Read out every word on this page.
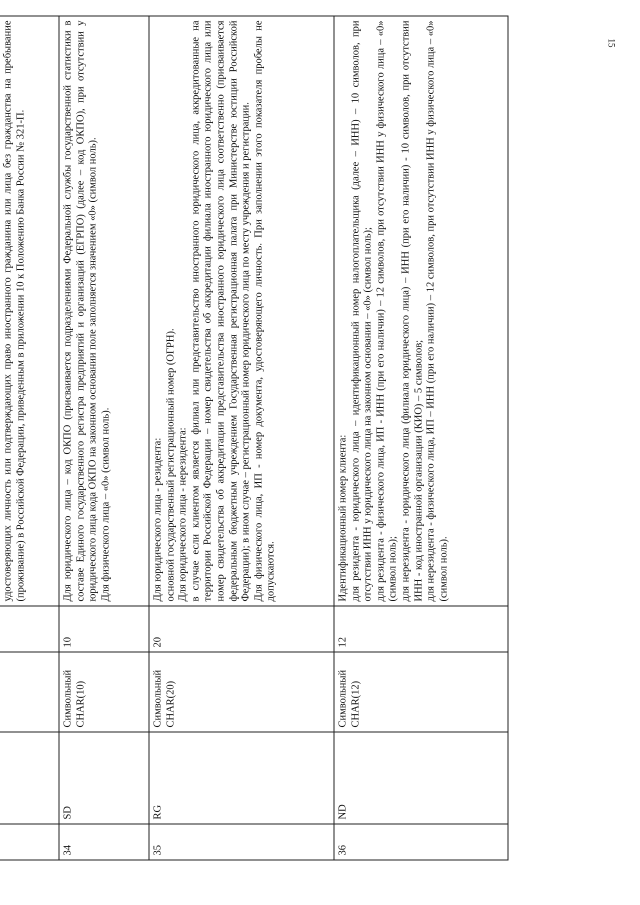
15

				удостоверяющих личность или подтверждающих право иностранного гражданина или лица без гражданства на пребывание (проживание) в Российской Федерации, приведенным в приложении 10 к Положению Банка России № 321-П.

34	SD	Символьный CHAR(10)	10	Для юридического лица – код ОКПО (присваивается подразделениями Федеральной службы государственной статистики в составе Единого государственного регистра предприятий и организаций (ЕГРПО) (далее – код ОКПО), при отсутствии у юридического лица кода ОКПО на законном основании поле заполняется значением «0» (символ ноль). Для физического лица – «0» (символ ноль).

35	RG	Символьный CHAR(20)	20	Для юридического лица - резидента: основной государственный регистрационный номер (ОГРН). Для юридического лица - нерезидента: в случае если клиентом является филиал или представительство иностранного юридического лица, аккредитованные на территории Российской Федерации – номер свидетельства об аккредитации филиала иностранного юридического лица или номер свидетельства об аккредитации представительства иностранного юридического лица соответственно (присваивается федеральным бюджетным учреждением Государственная регистрационная палата при Министерстве юстиции Российской Федерации); в ином случае – регистрационный номер юридического лица по месту учреждения и регистрации. Для физического лица, ИП - номер документа, удостоверяющего личность. При заполнении этого показателя пробелы не допускаются.

36	ND	Символьный CHAR(12)	12	Идентификационный номер клиента: для резидента - юридического лица – идентификационный номер налогоплательщика (далее – ИНН) – 10 символов, при отсутствии ИНН у юридического лица на законном основании – «0» (символ ноль); для резидента - физического лица, ИП - ИНН (при его наличии) – 12 символов, при отсутствии ИНН у физического лица – «0» (символ ноль); для нерезидента - юридического лица (филиала юридического лица) – ИНН (при его наличии) - 10 символов, при отсутствии ИНН - код иностранной организации (КИО) – 5 символов; для нерезидента - физического лица, ИП – ИНН (при его наличии) – 12 символов, при отсутствии ИНН у физического лица – «0» (символ ноль).
